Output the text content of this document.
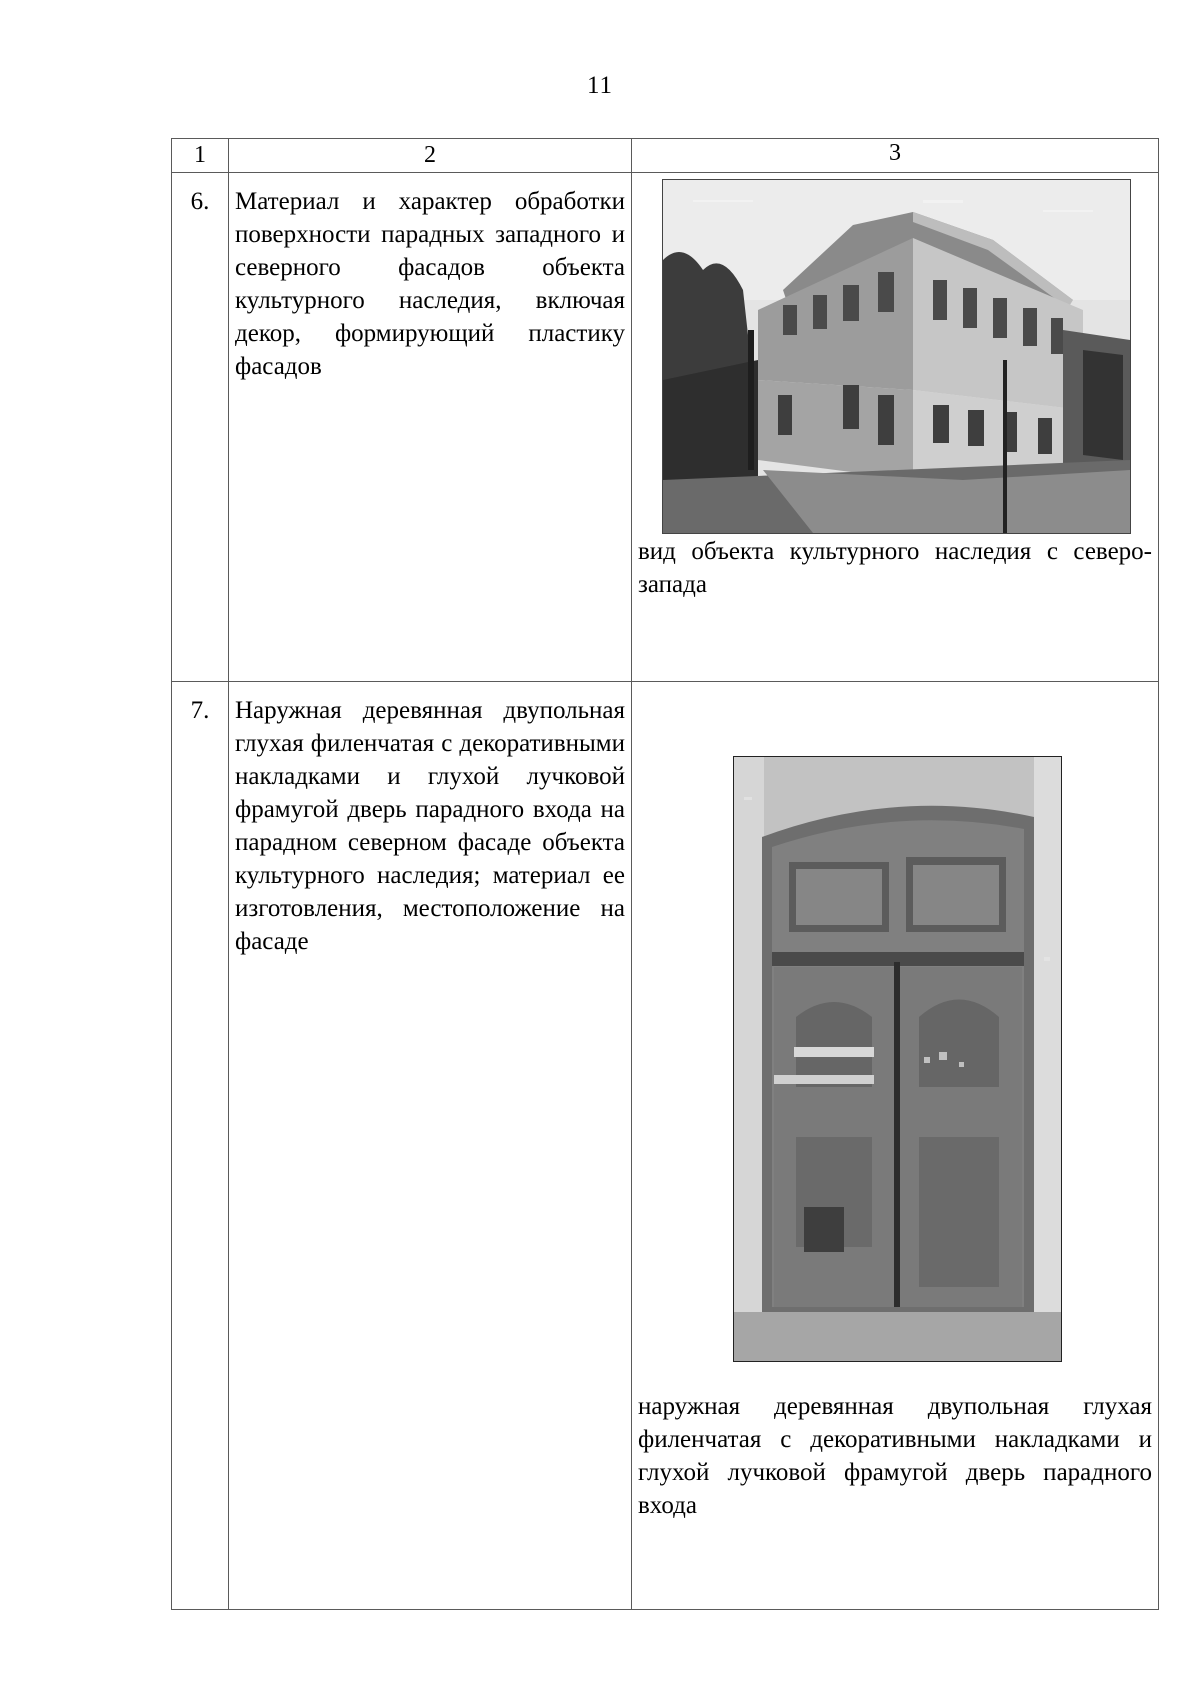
11
1	2	3
6.	Материал и характер обработки поверхности парадных западного и северного фасадов объекта культурного наследия, включая декор, формирующий пластику фасадов	вид объекта культурного наследия с северо-запада

7.	Наружная деревянная двупольная глухая филенчатая с декоративными накладками и глухой лучковой фрамугой дверь парадного входа на парадном северном фасаде объекта культурного наследия; материал ее изготовления, местоположение на фасаде	наружная деревянная двупольная глухая филенчатая с декоративными накладками и глухой лучковой фрамугой дверь парадного входа
